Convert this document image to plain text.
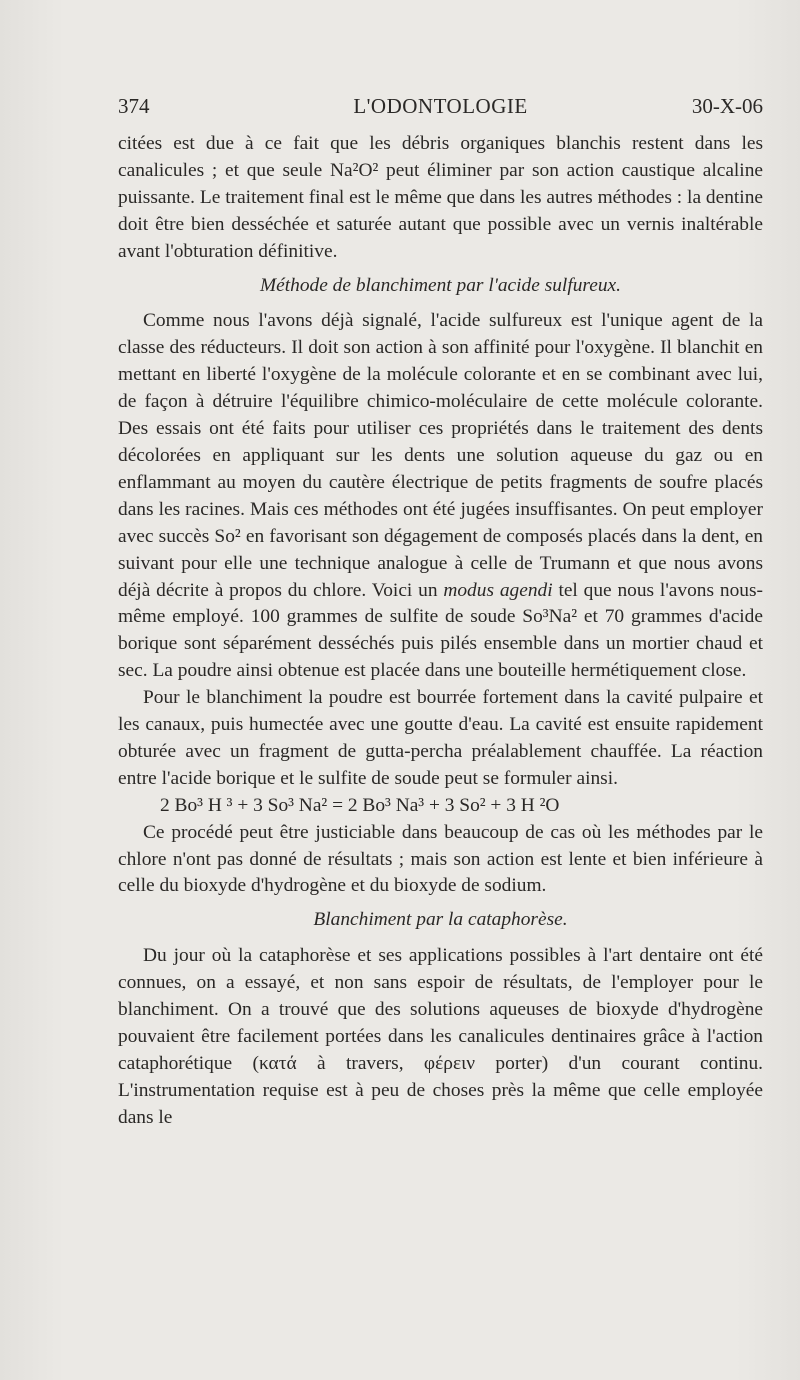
374	L'ODONTOLOGIE	30-X-06

citées est due à ce fait que les débris organiques blanchis restent dans les canalicules ; et que seule Na²O² peut éliminer par son action caustique alcaline puissante. Le traitement final est le même que dans les autres méthodes : la dentine doit être bien desséchée et saturée autant que possible avec un vernis inaltérable avant l'obturation définitive.

Méthode de blanchiment par l'acide sulfureux.

Comme nous l'avons déjà signalé, l'acide sulfureux est l'unique agent de la classe des réducteurs. Il doit son action à son affinité pour l'oxygène. Il blanchit en mettant en liberté l'oxygène de la molécule colorante et en se combinant avec lui, de façon à détruire l'équilibre chimico-moléculaire de cette molécule colorante. Des essais ont été faits pour utiliser ces propriétés dans le traitement des dents décolorées en appliquant sur les dents une solution aqueuse du gaz ou en enflammant au moyen du cautère électrique de petits fragments de soufre placés dans les racines. Mais ces méthodes ont été jugées insuffisantes. On peut employer avec succès So² en favorisant son dégagement de composés placés dans la dent, en suivant pour elle une technique analogue à celle de Trumann et que nous avons déjà décrite à propos du chlore. Voici un modus agendi tel que nous l'avons nous-même employé. 100 grammes de sulfite de soude So³Na² et 70 grammes d'acide borique sont séparément desséchés puis pilés ensemble dans un mortier chaud et sec. La poudre ainsi obtenue est placée dans une bouteille hermétiquement close.

Pour le blanchiment la poudre est bourrée fortement dans la cavité pulpaire et les canaux, puis humectée avec une goutte d'eau. La cavité est ensuite rapidement obturée avec un fragment de gutta-percha préalablement chauffée. La réaction entre l'acide borique et le sulfite de soude peut se formuler ainsi.

2 Bo³ H ³ + 3 So³ Na² = 2 Bo³ Na³ + 3 So² + 3 H ²O

Ce procédé peut être justiciable dans beaucoup de cas où les méthodes par le chlore n'ont pas donné de résultats ; mais son action est lente et bien inférieure à celle du bioxyde d'hydrogène et du bioxyde de sodium.

Blanchiment par la cataphorèse.

Du jour où la cataphorèse et ses applications possibles à l'art dentaire ont été connues, on a essayé, et non sans espoir de résultats, de l'employer pour le blanchiment. On a trouvé que des solutions aqueuses de bioxyde d'hydrogène pouvaient être facilement portées dans les canalicules dentinaires grâce à l'action cataphorétique (κατά à travers, φέρειν porter) d'un courant continu. L'instrumentation requise est à peu de choses près la même que celle employée dans le
